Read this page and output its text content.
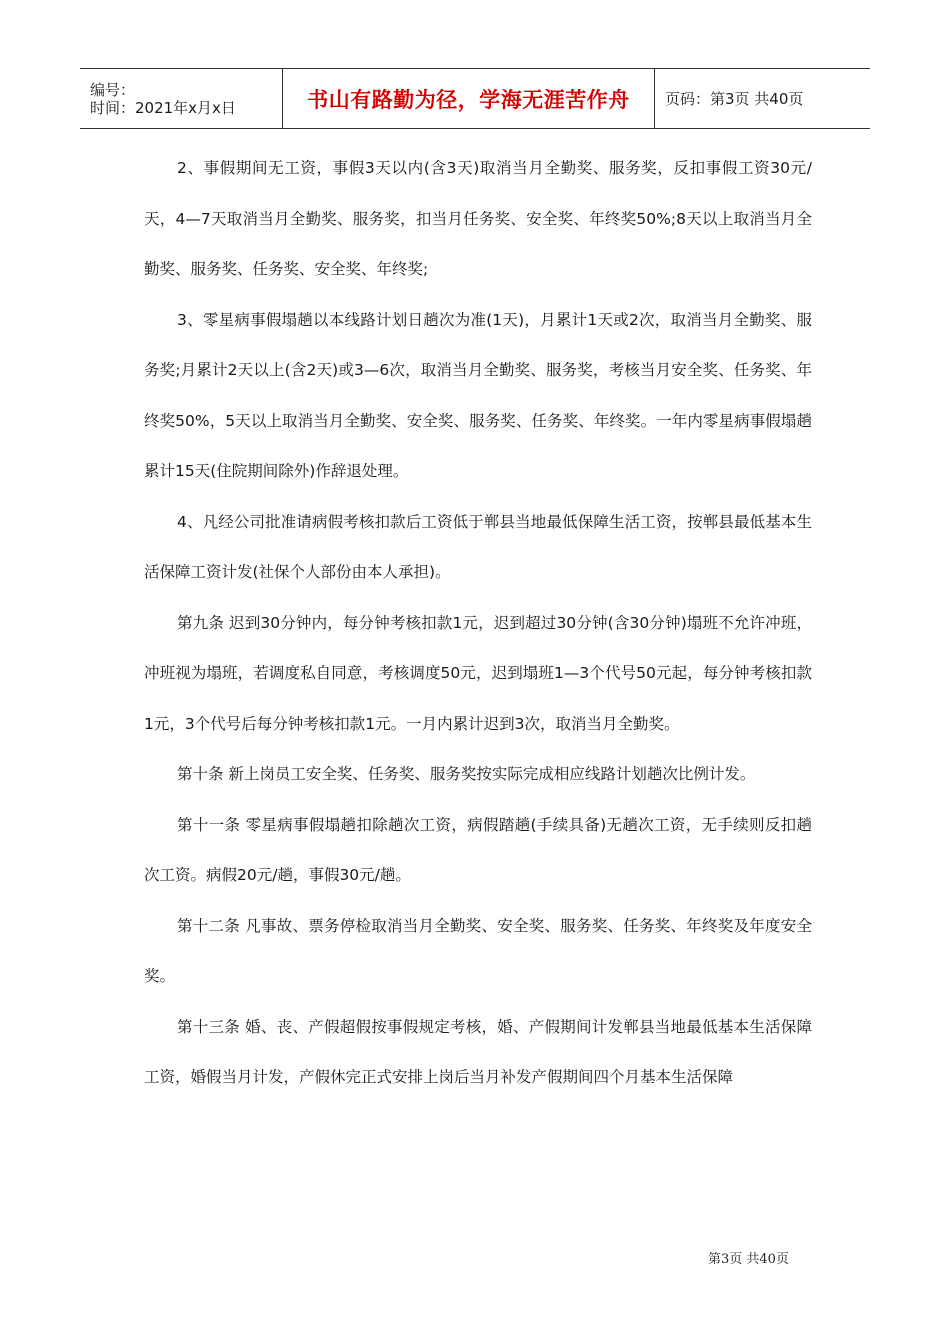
编号：
时间：2021年x月x日	书山有路勤为径，学海无涯苦作舟 页码：第3页 共40页

2、事假期间无工资，事假3天以内(含3天)取消当月全勤奖、服务奖，反扣事假工资30元/天，4—7天取消当月全勤奖、服务奖，扣当月任务奖、安全奖、年终奖50%;8天以上取消当月全勤奖、服务奖、任务奖、安全奖、年终奖;

3、零星病事假塌趟以本线路计划日趟次为准(1天)，月累计1天或2次，取消当月全勤奖、服务奖;月累计2天以上(含2天)或3—6次，取消当月全勤奖、服务奖，考核当月安全奖、任务奖、年终奖50%，5天以上取消当月全勤奖、安全奖、服务奖、任务奖、年终奖。一年内零星病事假塌趟累计15天(住院期间除外)作辞退处理。

4、凡经公司批准请病假考核扣款后工资低于郸县当地最低保障生活工资，按郸县最低基本生活保障工资计发(社保个人部份由本人承担)。

第九条 迟到30分钟内，每分钟考核扣款1元，迟到超过30分钟(含30分钟)塌班不允许冲班，冲班视为塌班，若调度私自同意，考核调度50元，迟到塌班1—3个代号50元起，每分钟考核扣款1元，3个代号后每分钟考核扣款1元。一月内累计迟到3次，取消当月全勤奖。

第十条 新上岗员工安全奖、任务奖、服务奖按实际完成相应线路计划趟次比例计发。

第十一条 零星病事假塌趟扣除趟次工资，病假踏趟(手续具备)无趟次工资，无手续则反扣趟次工资。病假20元/趟，事假30元/趟。

第十二条 凡事故、票务停检取消当月全勤奖、安全奖、服务奖、任务奖、年终奖及年度安全奖。

第十三条 婚、丧、产假超假按事假规定考核，婚、产假期间计发郸县当地最低基本生活保障工资，婚假当月计发，产假休完正式安排上岗后当月补发产假期间四个月基本生活保障

第3页 共40页
